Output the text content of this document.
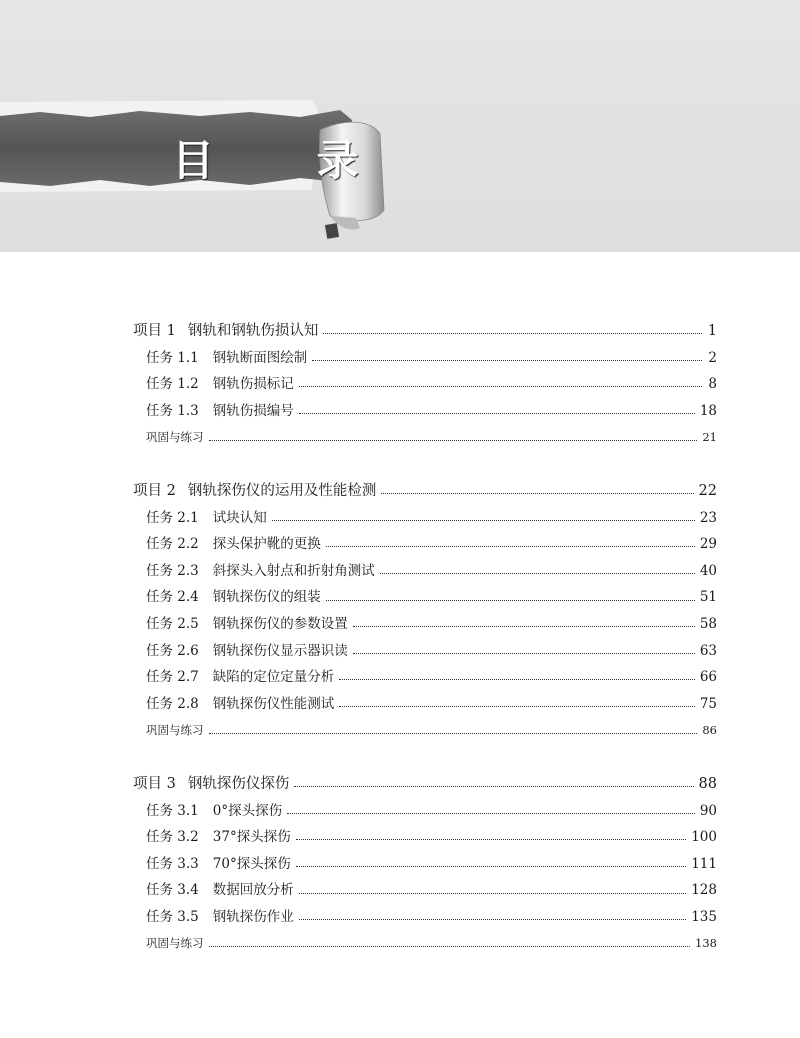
目 录
项目 1 钢轨和钢轨伤损认知	1
任务 1.1 钢轨断面图绘制	2
任务 1.2 钢轨伤损标记	8
任务 1.3 钢轨伤损编号	18
巩固与练习	21
项目 2 钢轨探伤仪的运用及性能检测	22
任务 2.1 试块认知	23
任务 2.2 探头保护靴的更换	29
任务 2.3 斜探头入射点和折射角测试	40
任务 2.4 钢轨探伤仪的组装	51
任务 2.5 钢轨探伤仪的参数设置	58
任务 2.6 钢轨探伤仪显示器识读	63
任务 2.7 缺陷的定位定量分析	66
任务 2.8 钢轨探伤仪性能测试	75
巩固与练习	86
项目 3 钢轨探伤仪探伤	88
任务 3.1 0°探头探伤	90
任务 3.2 37°探头探伤	100
任务 3.3 70°探头探伤	111
任务 3.4 数据回放分析	128
任务 3.5 钢轨探伤作业	135
巩固与练习	138
